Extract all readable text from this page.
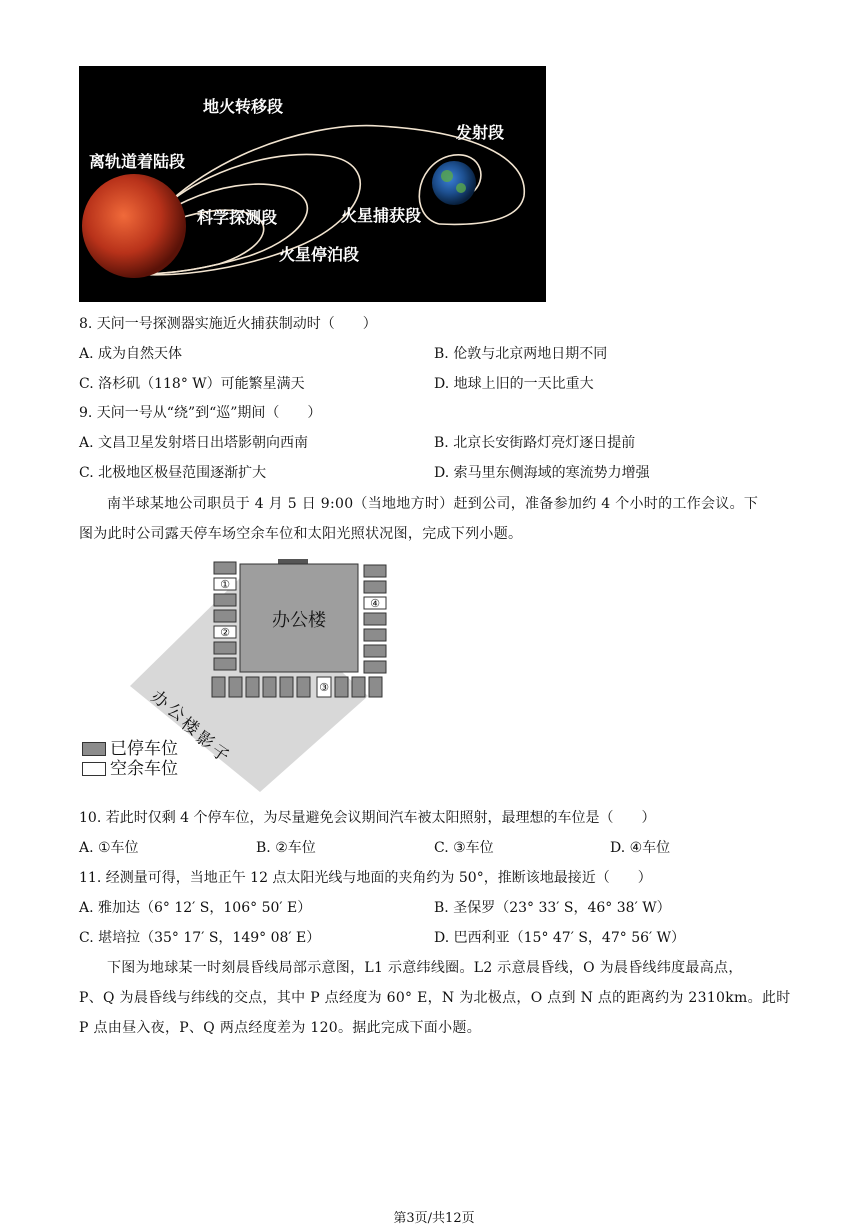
地火转移段
离轨道着陆段
发射段
科学探测段	火星捕获段
火星停泊段
8. 天问一号探测器实施近火捕获制动时（　　）
A. 成为自然天体	B. 伦敦与北京两地日期不同
C. 洛杉矶（118° W）可能繁星满天	D. 地球上旧的一天比重大
9. 天问一号从“绕”到“巡”期间（　　）
A. 文昌卫星发射塔日出塔影朝向西南	B. 北京长安街路灯亮灯逐日提前
C. 北极地区极昼范围逐渐扩大	D. 索马里东侧海域的寒流势力增强
南半球某地公司职员于 4 月 5 日 9:00（当地地方时）赶到公司，准备参加约 4 个小时的工作会议。下
图为此时公司露天停车场空余车位和太阳光照状况图，完成下列小题。
办公楼
①
②
③
④
办
公
楼
影
子
已停车位
空余车位
10. 若此时仅剩 4 个停车位，为尽量避免会议期间汽车被太阳照射，最理想的车位是（　　）
A. ①车位	B. ②车位	C. ③车位	D. ④车位
11. 经测量可得，当地正午 12 点太阳光线与地面的夹角约为 50°，推断该地最接近（　　）
A. 雅加达（6° 12′ S，106° 50′ E）	B. 圣保罗（23° 33′ S，46° 38′ W）
C. 堪培拉（35° 17′ S，149° 08′ E）	D. 巴西利亚（15° 47′ S，47° 56′ W）
下图为地球某一时刻晨昏线局部示意图，L1 示意纬线圈。L2 示意晨昏线，O 为晨昏线纬度最高点，
P、Q 为晨昏线与纬线的交点，其中 P 点经度为 60° E，N 为北极点，O 点到 N 点的距离约为 2310km。此时
P 点由昼入夜，P、Q 两点经度差为 120。据此完成下面小题。
第3页/共12页
